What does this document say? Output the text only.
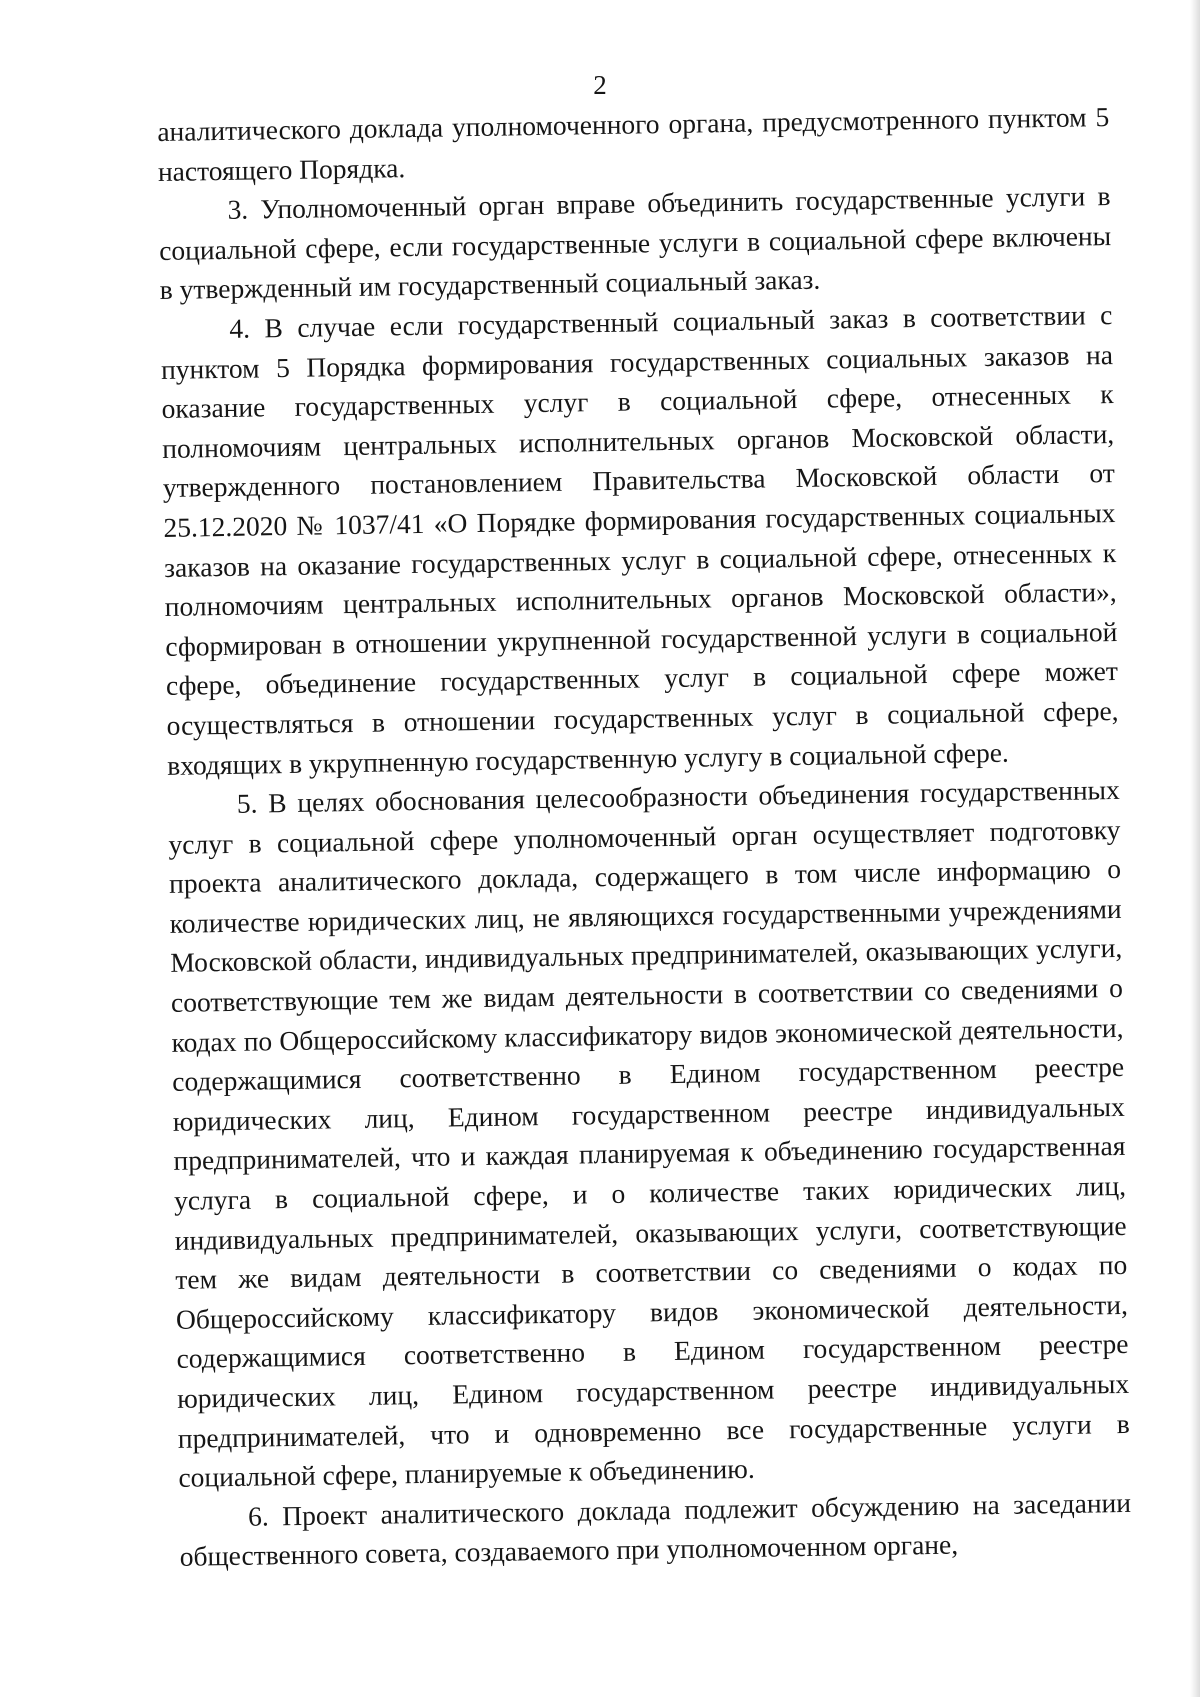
2

аналитического доклада уполномоченного органа, предусмотренного пунктом 5 настоящего Порядка.

3. Уполномоченный орган вправе объединить государственные услуги в социальной сфере, если государственные услуги в социальной сфере включены в утвержденный им государственный социальный заказ.

4. В случае если государственный социальный заказ в соответствии с пунктом 5 Порядка формирования государственных социальных заказов на оказание государственных услуг в социальной сфере, отнесенных к полномочиям центральных исполнительных органов Московской области, утвержденного постановлением Правительства Московской области от 25.12.2020 № 1037/41 «О Порядке формирования государственных социальных заказов на оказание государственных услуг в социальной сфере, отнесенных к полномочиям центральных исполнительных органов Московской области», сформирован в отношении укрупненной государственной услуги в социальной сфере, объединение государственных услуг в социальной сфере может осуществляться в отношении государственных услуг в социальной сфере, входящих в укрупненную государственную услугу в социальной сфере.

5. В целях обоснования целесообразности объединения государственных услуг в социальной сфере уполномоченный орган осуществляет подготовку проекта аналитического доклада, содержащего в том числе информацию о количестве юридических лиц, не являющихся государственными учреждениями Московской области, индивидуальных предпринимателей, оказывающих услуги, соответствующие тем же видам деятельности в соответствии со сведениями о кодах по Общероссийскому классификатору видов экономической деятельности, содержащимися соответственно в Едином государственном реестре юридических лиц, Едином государственном реестре индивидуальных предпринимателей, что и каждая планируемая к объединению государственная услуга в социальной сфере, и о количестве таких юридических лиц, индивидуальных предпринимателей, оказывающих услуги, соответствующие тем же видам деятельности в соответствии со сведениями о кодах по Общероссийскому классификатору видов экономической деятельности, содержащимися соответственно в Едином государственном реестре юридических лиц, Едином государственном реестре индивидуальных предпринимателей, что и одновременно все государственные услуги в социальной сфере, планируемые к объединению.

6. Проект аналитического доклада подлежит обсуждению на заседании общественного совета, создаваемого при уполномоченном органе,
